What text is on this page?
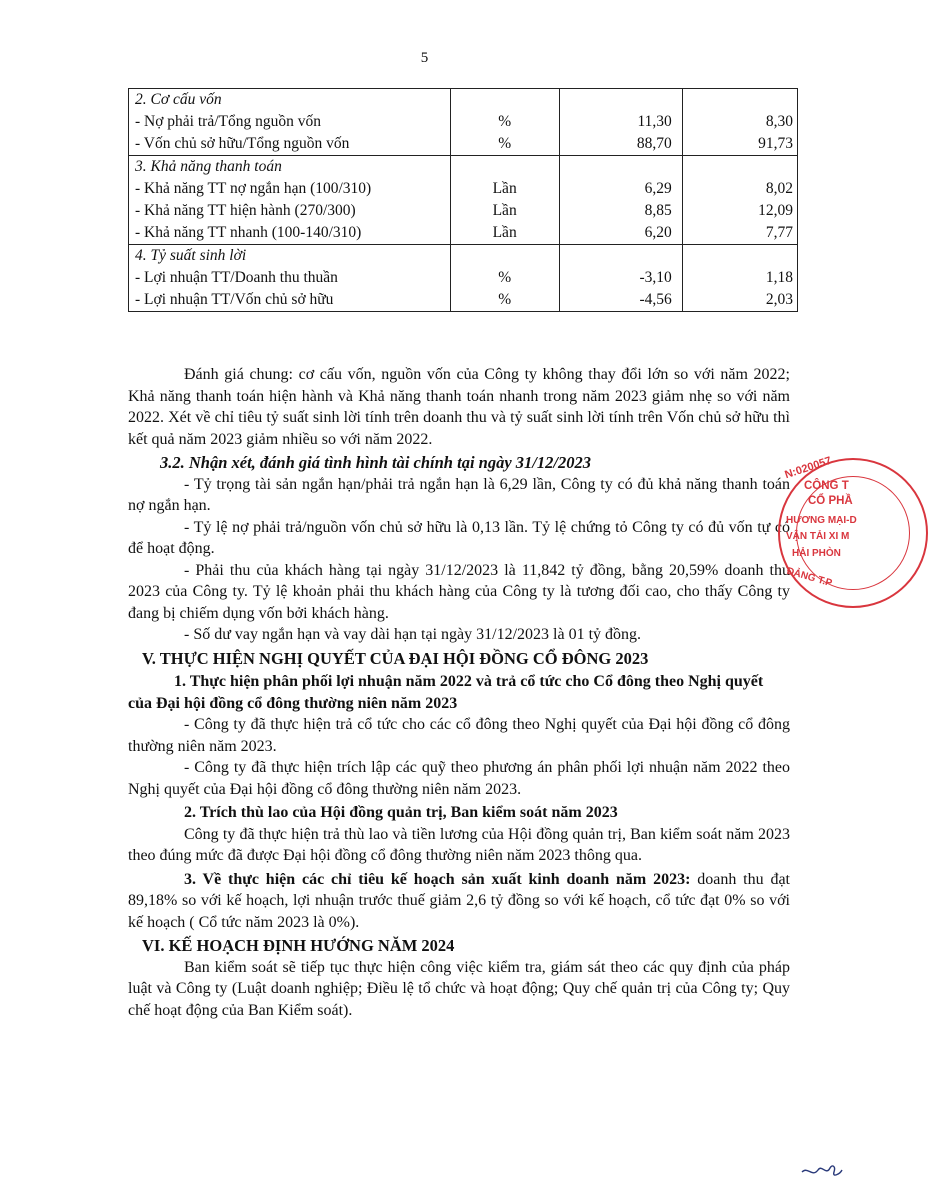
5
2. Cơ cấu vốn			
- Nợ phải trả/Tổng nguồn vốn	%	11,30	8,30
- Vốn chủ sở hữu/Tổng nguồn vốn	%	88,70	91,73
3. Khả năng thanh toán			
- Khả năng TT nợ ngắn hạn (100/310)	Lần	6,29	8,02
- Khả năng TT hiện hành (270/300)	Lần	8,85	12,09
- Khả năng TT nhanh (100-140/310)	Lần	6,20	7,77
4. Tỷ suất sinh lời			
- Lợi nhuận TT/Doanh thu thuần	%	-3,10	1,18
- Lợi nhuận TT/Vốn chủ sở hữu	%	-4,56	2,03

Đánh giá chung: cơ cấu vốn, nguồn vốn của Công ty không thay đổi lớn so với năm 2022; Khả năng thanh toán hiện hành và Khả năng thanh toán nhanh trong năm 2023 giảm nhẹ so với năm 2022. Xét về chỉ tiêu tỷ suất sinh lời tính trên doanh thu và tỷ suất sinh lời tính trên Vốn chủ sở hữu thì kết quả năm 2023 giảm nhiều so với năm 2022.

3.2. Nhận xét, đánh giá tình hình tài chính tại ngày 31/12/2023

- Tỷ trọng tài sản ngắn hạn/phải trả ngắn hạn là 6,29 lần, Công ty có đủ khả năng thanh toán nợ ngắn hạn.

- Tỷ lệ nợ phải trả/nguồn vốn chủ sở hữu là 0,13 lần. Tỷ lệ chứng tỏ Công ty có đủ vốn tự có để hoạt động.

- Phải thu của khách hàng tại ngày 31/12/2023 là 11,842 tỷ đồng, bằng 20,59% doanh thu 2023 của Công ty. Tỷ lệ khoản phải thu khách hàng của Công ty là tương đối cao, cho thấy Công ty đang bị chiếm dụng vốn bởi khách hàng.

- Số dư vay ngắn hạn và vay dài hạn tại ngày 31/12/2023 là 01 tỷ đồng.

V. THỰC HIỆN NGHỊ QUYẾT CỦA ĐẠI HỘI ĐỒNG CỔ ĐÔNG 2023

1. Thực hiện phân phối lợi nhuận năm 2022 và trả cổ tức cho Cổ đông theo Nghị quyết của Đại hội đồng cổ đông thường niên năm 2023

- Công ty đã thực hiện trả cổ tức cho các cổ đông theo Nghị quyết của Đại hội đồng cổ đông thường niên năm 2023.

- Công ty đã thực hiện trích lập các quỹ theo phương án phân phối lợi nhuận năm 2022 theo Nghị quyết của Đại hội đồng cổ đông thường niên năm 2023.

2. Trích thù lao của Hội đồng quản trị, Ban kiểm soát năm 2023

Công ty đã thực hiện trả thù lao và tiền lương của Hội đồng quản trị, Ban kiểm soát năm 2023 theo đúng mức đã được Đại hội đồng cổ đông thường niên năm 2023 thông qua.

3. Về thực hiện các chỉ tiêu kế hoạch sản xuất kinh doanh năm 2023: doanh thu đạt 89,18% so với kế hoạch, lợi nhuận trước thuế giảm 2,6 tỷ đồng so với kế hoạch, cổ tức đạt 0% so với kế hoạch ( Cổ tức năm 2023 là 0%).

VI. KẾ HOẠCH ĐỊNH HƯỚNG NĂM 2024

Ban kiểm soát sẽ tiếp tục thực hiện công việc kiểm tra, giám sát theo các quy định của pháp luật và Công ty (Luật doanh nghiệp; Điều lệ tổ chức và hoạt động; Quy chế quản trị của Công ty; Quy chế hoạt động của Ban Kiểm soát).

N:020057
CÔNG T
CỔ PHẦ
HƯƠNG MẠI-D
VẬN TẢI XI M
HẢI PHÒN
ĐẢNG T.P
